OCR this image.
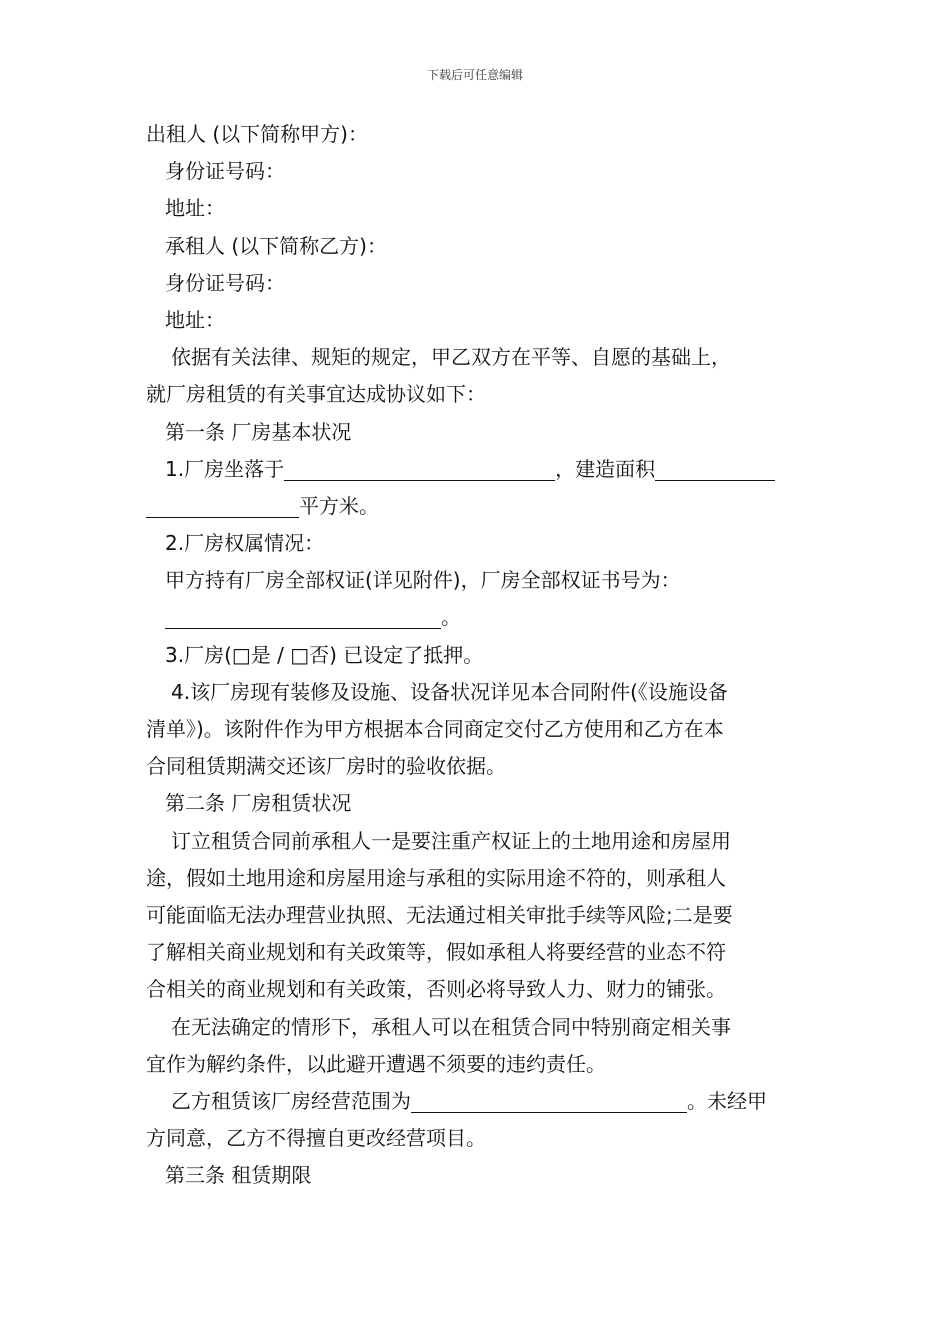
下载后可任意编辑
出租人 (以下简称甲方)：
身份证号码：
地址：
承租人 (以下简称乙方)：
身份证号码：
地址：
依据有关法律、规矩的规定，甲乙双方在平等、自愿的基础上，
就厂房租赁的有关事宜达成协议如下：
第一条 厂房基本状况
1.厂房坐落于	，建造面积
平方米。
2.厂房权属情况：
甲方持有厂房全部权证(详见附件)，厂房全部权证书号为：
。
3.厂房(□是 / □否) 已设定了抵押。
4.该厂房现有装修及设施、设备状况详见本合同附件(《设施设备
清单》)。该附件作为甲方根据本合同商定交付乙方使用和乙方在本
合同租赁期满交还该厂房时的验收依据。
第二条 厂房租赁状况
订立租赁合同前承租人一是要注重产权证上的土地用途和房屋用
途，假如土地用途和房屋用途与承租的实际用途不符的，则承租人
可能面临无法办理营业执照、无法通过相关审批手续等风险;二是要
了解相关商业规划和有关政策等，假如承租人将要经营的业态不符
合相关的商业规划和有关政策，否则必将导致人力、财力的铺张。
在无法确定的情形下，承租人可以在租赁合同中特别商定相关事
宜作为解约条件，以此避开遭遇不须要的违约责任。
乙方租赁该厂房经营范围为	。未经甲
方同意，乙方不得擅自更改经营项目。
第三条 租赁期限
